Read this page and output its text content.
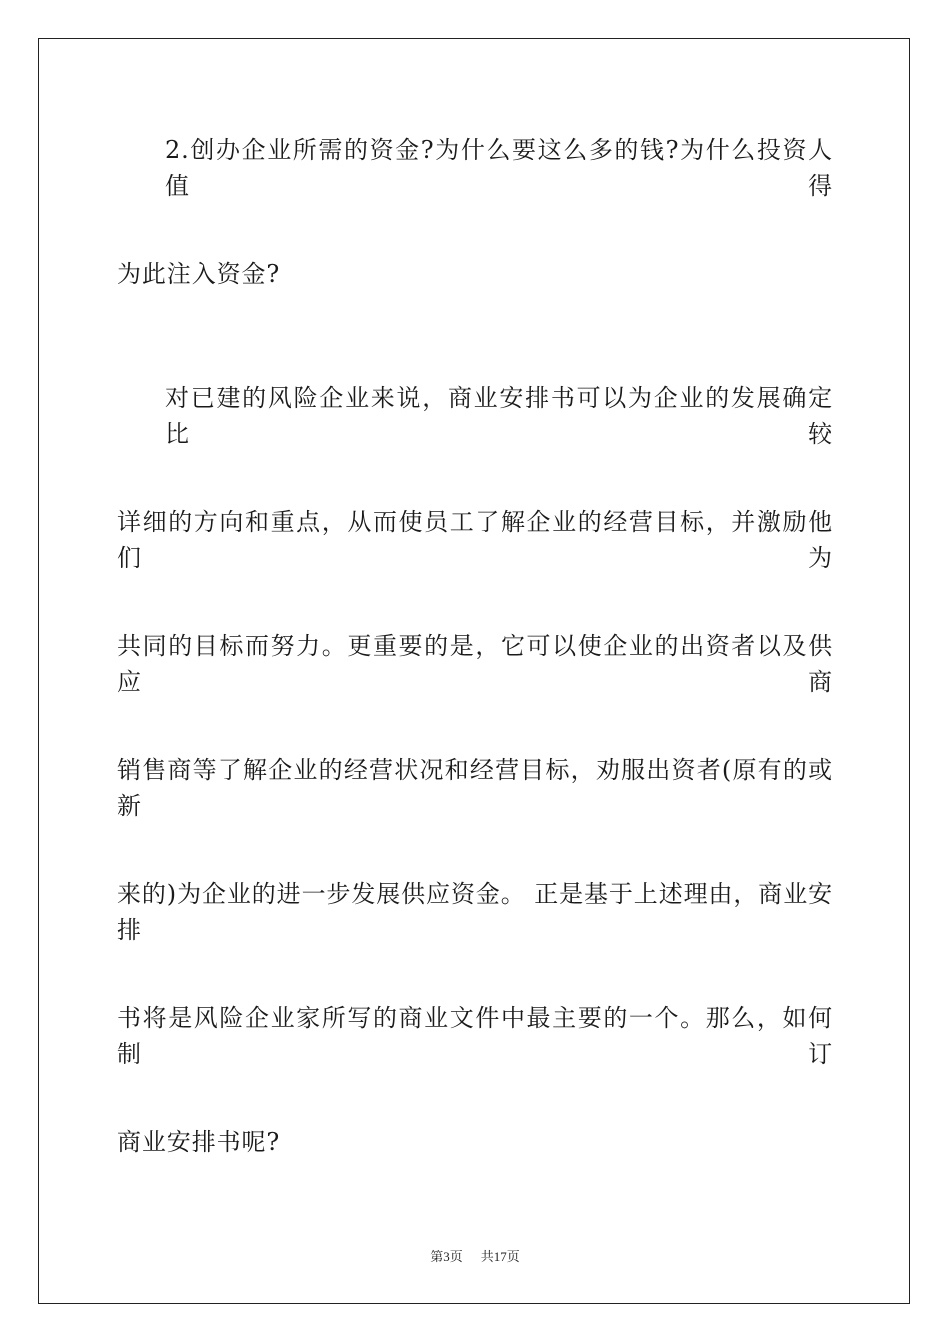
2.创办企业所需的资金?为什么要这么多的钱?为什么投资人值得
为此注入资金?
对已建的风险企业来说，商业安排书可以为企业的发展确定比较
详细的方向和重点，从而使员工了解企业的经营目标，并激励他们为
共同的目标而努力。更重要的是，它可以使企业的出资者以及供应商
销售商等了解企业的经营状况和经营目标，劝服出资者(原有的或新
来的)为企业的进一步发展供应资金。 正是基于上述理由，商业安排
书将是风险企业家所写的商业文件中最主要的一个。那么，如何制订
商业安排书呢?
第3页 共17页
